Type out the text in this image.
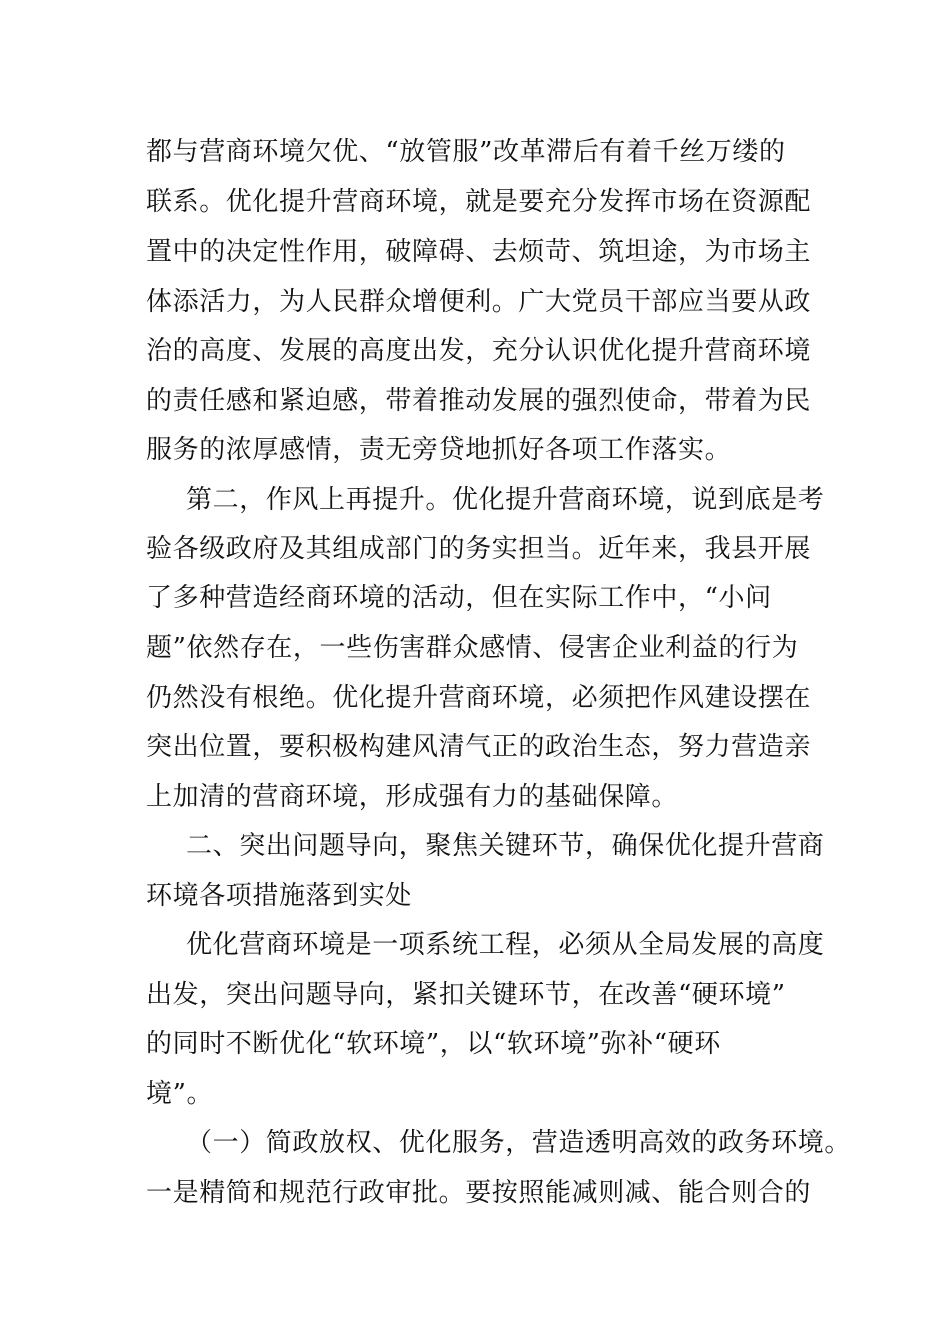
都与营商环境欠优、“放管服”改革滞后有着千丝万缕的
联系。优化提升营商环境，就是要充分发挥市场在资源配
置中的决定性作用，破障碍、去烦苛、筑坦途，为市场主
体添活力，为人民群众增便利。广大党员干部应当要从政
治的高度、发展的高度出发，充分认识优化提升营商环境
的责任感和紧迫感，带着推动发展的强烈使命，带着为民
服务的浓厚感情，责无旁贷地抓好各项工作落实。
第二，作风上再提升。优化提升营商环境，说到底是考
验各级政府及其组成部门的务实担当。近年来，我县开展
了多种营造经商环境的活动，但在实际工作中，“小问
题”依然存在，一些伤害群众感情、侵害企业利益的行为
仍然没有根绝。优化提升营商环境，必须把作风建设摆在
突出位置，要积极构建风清气正的政治生态，努力营造亲
上加清的营商环境，形成强有力的基础保障。
二、突出问题导向，聚焦关键环节，确保优化提升营商
环境各项措施落到实处
优化营商环境是一项系统工程，必须从全局发展的高度
出发，突出问题导向，紧扣关键环节，在改善“硬环境”
的同时不断优化“软环境”，以“软环境”弥补“硬环
境”。
（一）简政放权、优化服务，营造透明高效的政务环境。
一是精简和规范行政审批。要按照能减则减、能合则合的
